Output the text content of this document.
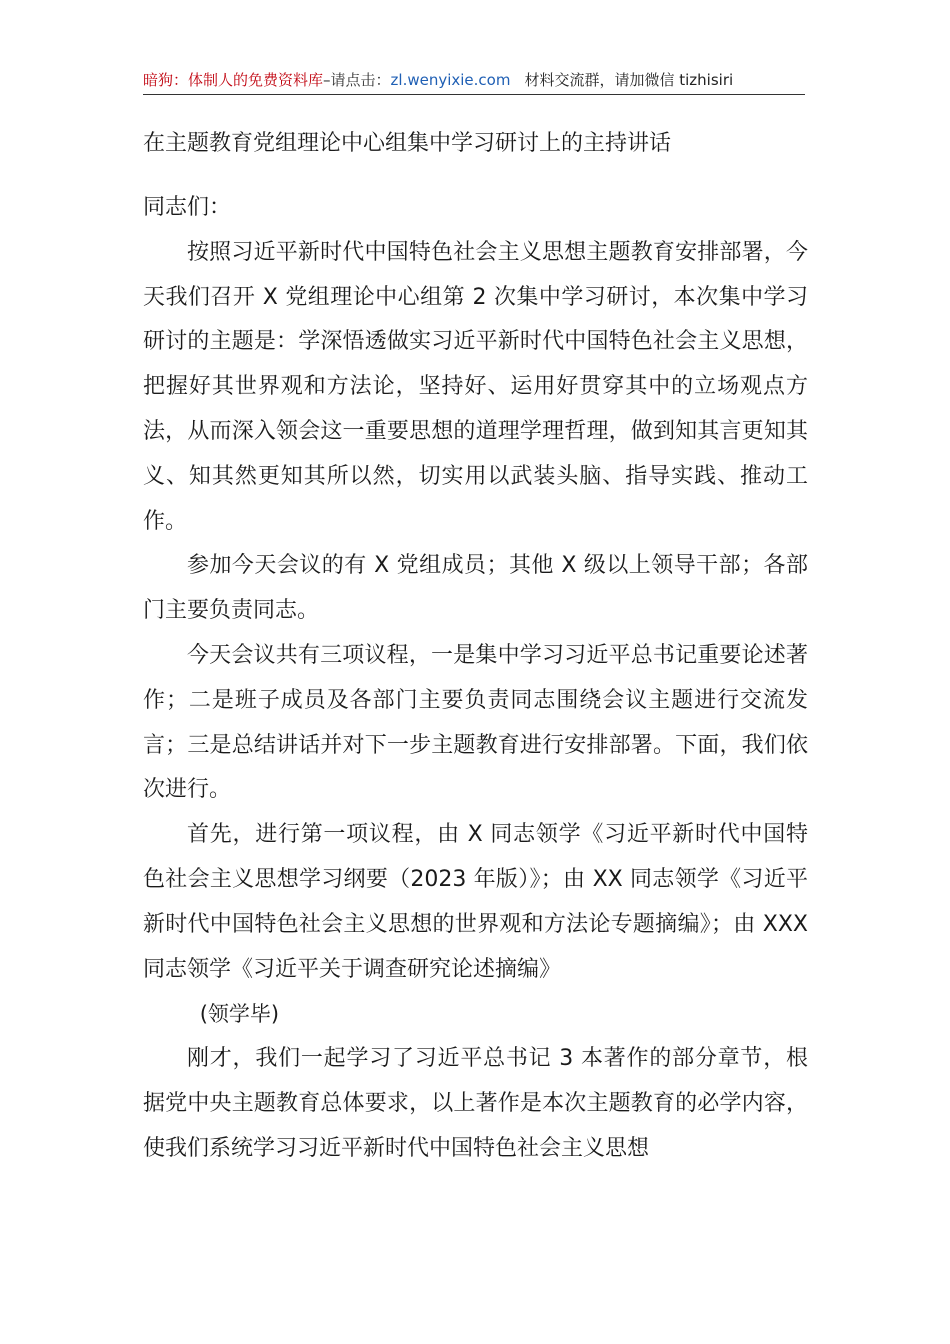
暗狗：体制人的免费资料库–请点击：zl.wenyixie.com 材料交流群，请加微信 tizhisiri
在主题教育党组理论中心组集中学习研讨上的主持讲话

同志们：

按照习近平新时代中国特色社会主义思想主题教育安排部署，今天我们召开 X 党组理论中心组第 2 次集中学习研讨，本次集中学习研讨的主题是：学深悟透做实习近平新时代中国特色社会主义思想，把握好其世界观和方法论，坚持好、运用好贯穿其中的立场观点方法，从而深入领会这一重要思想的道理学理哲理，做到知其言更知其义、知其然更知其所以然，切实用以武装头脑、指导实践、推动工作。

参加今天会议的有 X 党组成员；其他 X 级以上领导干部；各部门主要负责同志。

今天会议共有三项议程，一是集中学习习近平总书记重要论述著作；二是班子成员及各部门主要负责同志围绕会议主题进行交流发言；三是总结讲话并对下一步主题教育进行安排部署。下面，我们依次进行。

首先，进行第一项议程，由 X 同志领学《习近平新时代中国特色社会主义思想学习纲要（2023 年版）》；由 XX 同志领学《习近平新时代中国特色社会主义思想的世界观和方法论专题摘编》；由 XXX 同志领学《习近平关于调查研究论述摘编》

(领学毕)

刚才，我们一起学习了习近平总书记 3 本著作的部分章节，根据党中央主题教育总体要求，以上著作是本次主题教育的必学内容，使我们系统学习习近平新时代中国特色社会主义思想
